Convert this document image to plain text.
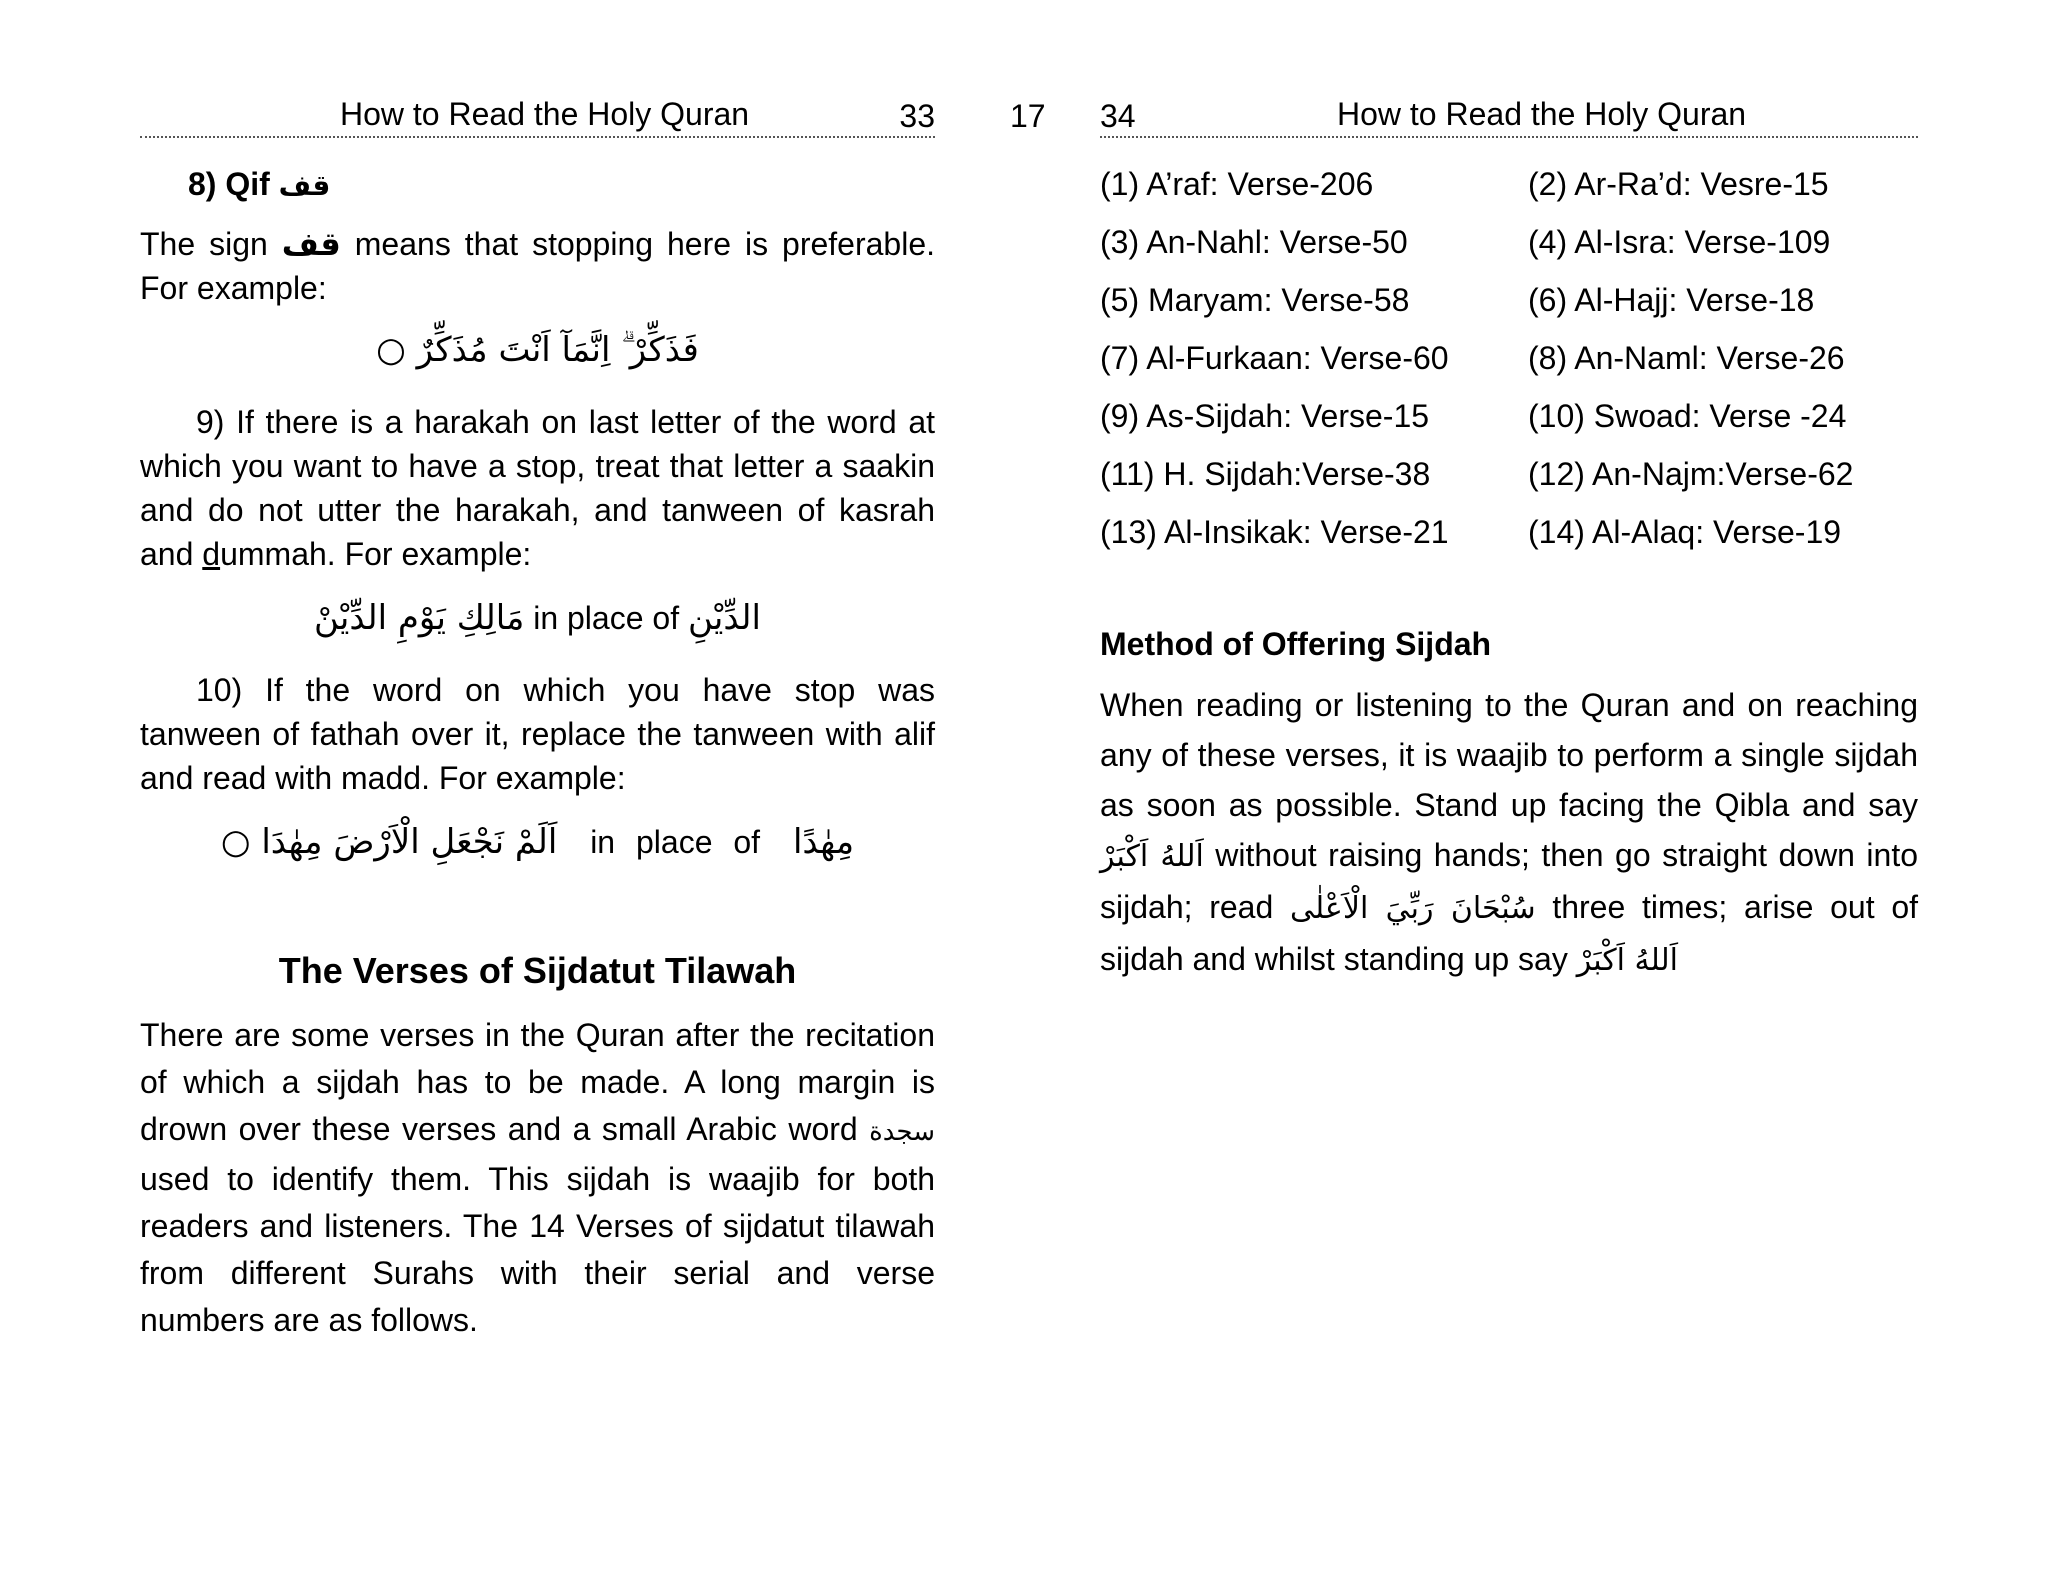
How to Read the Holy Quran	33
8) Qif قف
The sign قف means that stopping here is preferable. For example:
فَذَكِّرْ ۗ اِنَّمَآ اَنْتَ مُذَكِّرٌ ○
9) If there is a harakah on last letter of the word at which you want to have a stop, treat that letter a saakin and do not utter the harakah, and tanween of kasrah and dummah. For example:
مَالِكِ يَوْمِ الدِّيْنْ in place of الدِّيْنِ
10) If the word on which you have stop was tanween of fathah over it, replace the tanween with alif and read with madd. For example:
اَلَمْ نَجْعَلِ الْاَرْضَ مِهٰدَا ○ in place of مِهٰدًا
The Verses of Sijdatut Tilawah
There are some verses in the Quran after the recitation of which a sijdah has to be made. A long margin is drown over these verses and a small Arabic word سجدة used to identify them. This sijdah is waajib for both readers and listeners. The 14 Verses of sijdatut tilawah from different Surahs with their serial and verse numbers are as follows.
17 34	How to Read the Holy Quran
(1) A’raf: Verse-206	(2) Ar-Ra’d: Vesre-15
(3) An-Nahl: Verse-50	(4) Al-Isra: Verse-109
(5) Maryam: Verse-58	(6) Al-Hajj: Verse-18
(7) Al-Furkaan: Verse-60	(8) An-Naml: Verse-26
(9) As-Sijdah: Verse-15	(10) Swoad: Verse -24
(11) H. Sijdah:Verse-38	(12) An-Najm:Verse-62
(13) Al-Insikak: Verse-21	(14) Al-Alaq: Verse-19
Method of Offering Sijdah
When reading or listening to the Quran and on reaching any of these verses, it is waajib to perform a single sijdah as soon as possible. Stand up facing the Qibla and say اَللهُ اَكْبَرْ without raising hands; then go straight down into sijdah; read سُبْحَانَ رَبِّيَ الْاَعْلٰى three times; arise out of sijdah and whilst standing up say اَللهُ اَكْبَرْ
